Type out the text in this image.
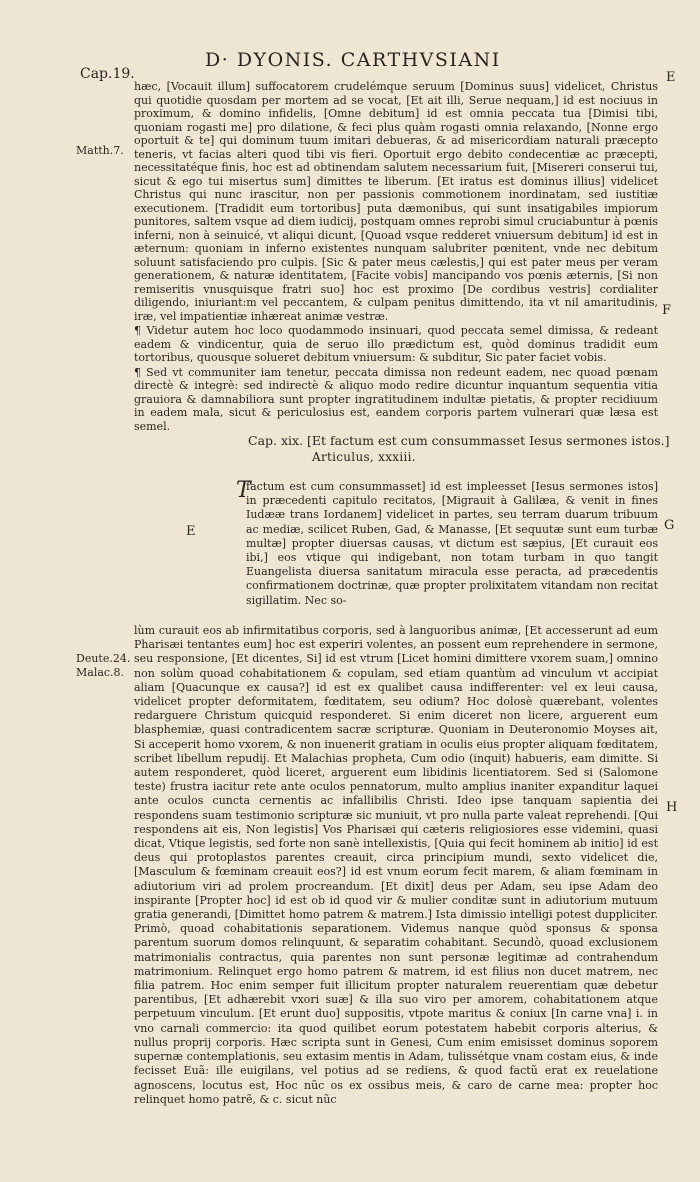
D· DYONIS. CARTHVSIANI
Cap.19.	E
F
G
E
H
Matth.7.
Deute.24.
Malac.8.

hæc, [Vocauit illum] suffocatorem crudelémque seruum [Dominus suus] videlicet, Christus qui quotidie quosdam per mortem ad se vocat, [Et ait illi, Serue nequam,] id est nociuus in proximum, & domino infidelis, [Omne debitum] id est omnia peccata tua [Dimisi tibi, quoniam rogasti me] pro dilatione, & feci plus quàm rogasti omnia relaxando, [Nonne ergo oportuit & te] qui dominum tuum imitari debueras, & ad misericordiam naturali præcepto teneris, vt facias alteri quod tibi vis fieri. Oportuit ergo debito condecentiæ ac præcepti, necessitatéque finis, hoc est ad obtinendam salutem necessarium fuit, [Misereri conserui tui, sicut & ego tui misertus sum] dimittes te liberum. [Et iratus est dominus illius] videlicet Christus qui nunc irascitur, non per passionis commotionem inordinatam, sed iustitiæ executionem. [Tradidit eum tortoribus] puta dæmonibus, qui sunt insatigabiles impiorum punitores, saltem vsque ad diem iudicij, postquam omnes reprobi simul cruciabuntur à pœnis inferni, non à seinuicé, vt aliqui dicunt, [Quoad vsque redderet vniuersum debitum] id est in æternum: quoniam in inferno existentes nunquam salubriter pœnitent, vnde nec debitum soluunt satisfaciendo pro culpis. [Sic & pater meus cælestis,] qui est pater meus per veram generationem, & naturæ identitatem, [Facite vobis] mancipando vos pœnis æternis, [Si non remiseritis vnusquisque fratri suo] hoc est proximo [De cordibus vestris] cordialiter diligendo, iniuriant:m vel peccantem, & culpam penitus dimittendo, ita vt nil amaritudinis, iræ, vel impatientiæ inhæreat animæ vestræ.

¶ Videtur autem hoc loco quodammodo insinuari, quod peccata semel dimissa, & redeant eadem & vindicentur, quia de seruo illo prædictum est, quòd dominus tradidit eum tortoribus, quousque solueret debitum vniuersum: & subditur, Sic pater faciet vobis.

¶ Sed vt communiter iam tenetur, peccata dimissa non redeunt eadem, nec quoad pœnam directè & integrè: sed indirectè & aliquo modo redire dicuntur inquantum sequentia vitia grauiora & damnabiliora sunt propter ingratitudinem indultæ pietatis, & propter recidiuum in eadem mala, sicut & periculosius est, eandem corporis partem vulnerari quæ læsa est semel.

Cap. xix. [Et factum est cum consummasset Iesus sermones istos.]
Articulus, xxxiii.
T

factum est cum consummasset] id est impleesset [Iesus sermones istos] in præcedenti capitulo recitatos, [Migrauit à Galilæa, & venit in fines Iudææ trans Iordanem] videlicet in partes, seu terram duarum tribuum ac mediæ, scilicet Ruben, Gad, & Manasse, [Et sequutæ sunt eum turbæ multæ] propter diuersas causas, vt dictum est sæpius, [Et curauit eos ibi,] eos vtique qui indigebant, non totam turbam in quo tangit Euangelista diuersa sanitatum miracula esse peracta, ad præcedentis confirmationem doctrinæ, quæ propter prolixitatem vitandam non recitat sigillatim. Nec so-

lùm curauit eos ab infirmitatibus corporis, sed à languoribus animæ, [Et accesserunt ad eum Pharisæi tentantes eum] hoc est experiri volentes, an possent eum reprehendere in sermone, seu responsione, [Et dicentes, Si] id est vtrum [Licet homini dimittere vxorem suam,] omnino non solùm quoad cohabitationem & copulam, sed etiam quantùm ad vinculum vt accipiat aliam [Quacunque ex causa?] id est ex qualibet causa indifferenter: vel ex leui causa, videlicet propter deformitatem, fœditatem, seu odium? Hoc dolosè quærebant, volentes redarguere Christum quicquid responderet. Si enim diceret non licere, arguerent eum blasphemiæ, quasi contradicentem sacræ scripturæ. Quoniam in Deuteronomio Moyses ait, Si acceperit homo vxorem, & non inuenerit gratiam in oculis eius propter aliquam fœditatem, scribet libellum repudij. Et Malachias propheta, Cum odio (inquit) habueris, eam dimitte. Si autem responderet, quòd liceret, arguerent eum libidinis licentiatorem. Sed si (Salomone teste) frustra iacitur rete ante oculos pennatorum, multo amplius inaniter expanditur laquei ante oculos cuncta cernentis ac infallibilis Christi. Ideo ipse tanquam sapientia dei respondens suam testimonio scripturæ sic muniuit, vt pro nulla parte valeat reprehendi. [Qui respondens ait eis, Non legistis] Vos Pharisæi qui cæteris religiosiores esse videmini, quasi dicat, Vtique legistis, sed forte non sanè intellexistis, [Quia qui fecit hominem ab initio] id est deus qui protoplastos parentes creauit, circa principium mundi, sexto videlicet die, [Masculum & fœminam creauit eos?] id est vnum eorum fecit marem, & aliam fœminam in adiutorium viri ad prolem procreandum. [Et dixit] deus per Adam, seu ipse Adam deo inspirante [Propter hoc] id est ob id quod vir & mulier conditæ sunt in adiutorium mutuum gratia generandi, [Dimittet homo patrem & matrem.] Ista dimissio intelligi potest duppliciter. Primò, quoad cohabitationis separationem. Videmus nanque quòd sponsus & sponsa parentum suorum domos relinquunt, & separatim cohabitant. Secundò, quoad exclusionem matrimonialis contractus, quia parentes non sunt personæ legitimæ ad contrahendum matrimonium. Relinquet ergo homo patrem & matrem, id est filius non ducet matrem, nec filia patrem. Hoc enim semper fuit illicitum propter naturalem reuerentiam quæ debetur parentibus, [Et adhærebit vxori suæ] & illa suo viro per amorem, cohabitationem atque perpetuum vinculum. [Et erunt duo] suppositis, vtpote maritus & coniux [In carne vna] i. in vno carnali commercio: ita quod quilibet eorum potestatem habebit corporis alterius, & nullus proprij corporis. Hæc scripta sunt in Genesi, Cum enim emisisset dominus soporem supernæ contemplationis, seu extasim mentis in Adam, tulissétque vnam costam eius, & inde fecisset Euã: ille euigilans, vel potius ad se rediens, & quod factũ erat ex reuelatione agnoscens, locutus est, Hoc nũc os ex ossibus meis, & caro de carne mea: propter hoc relinquet homo patrẽ, & c. sicut nũc
